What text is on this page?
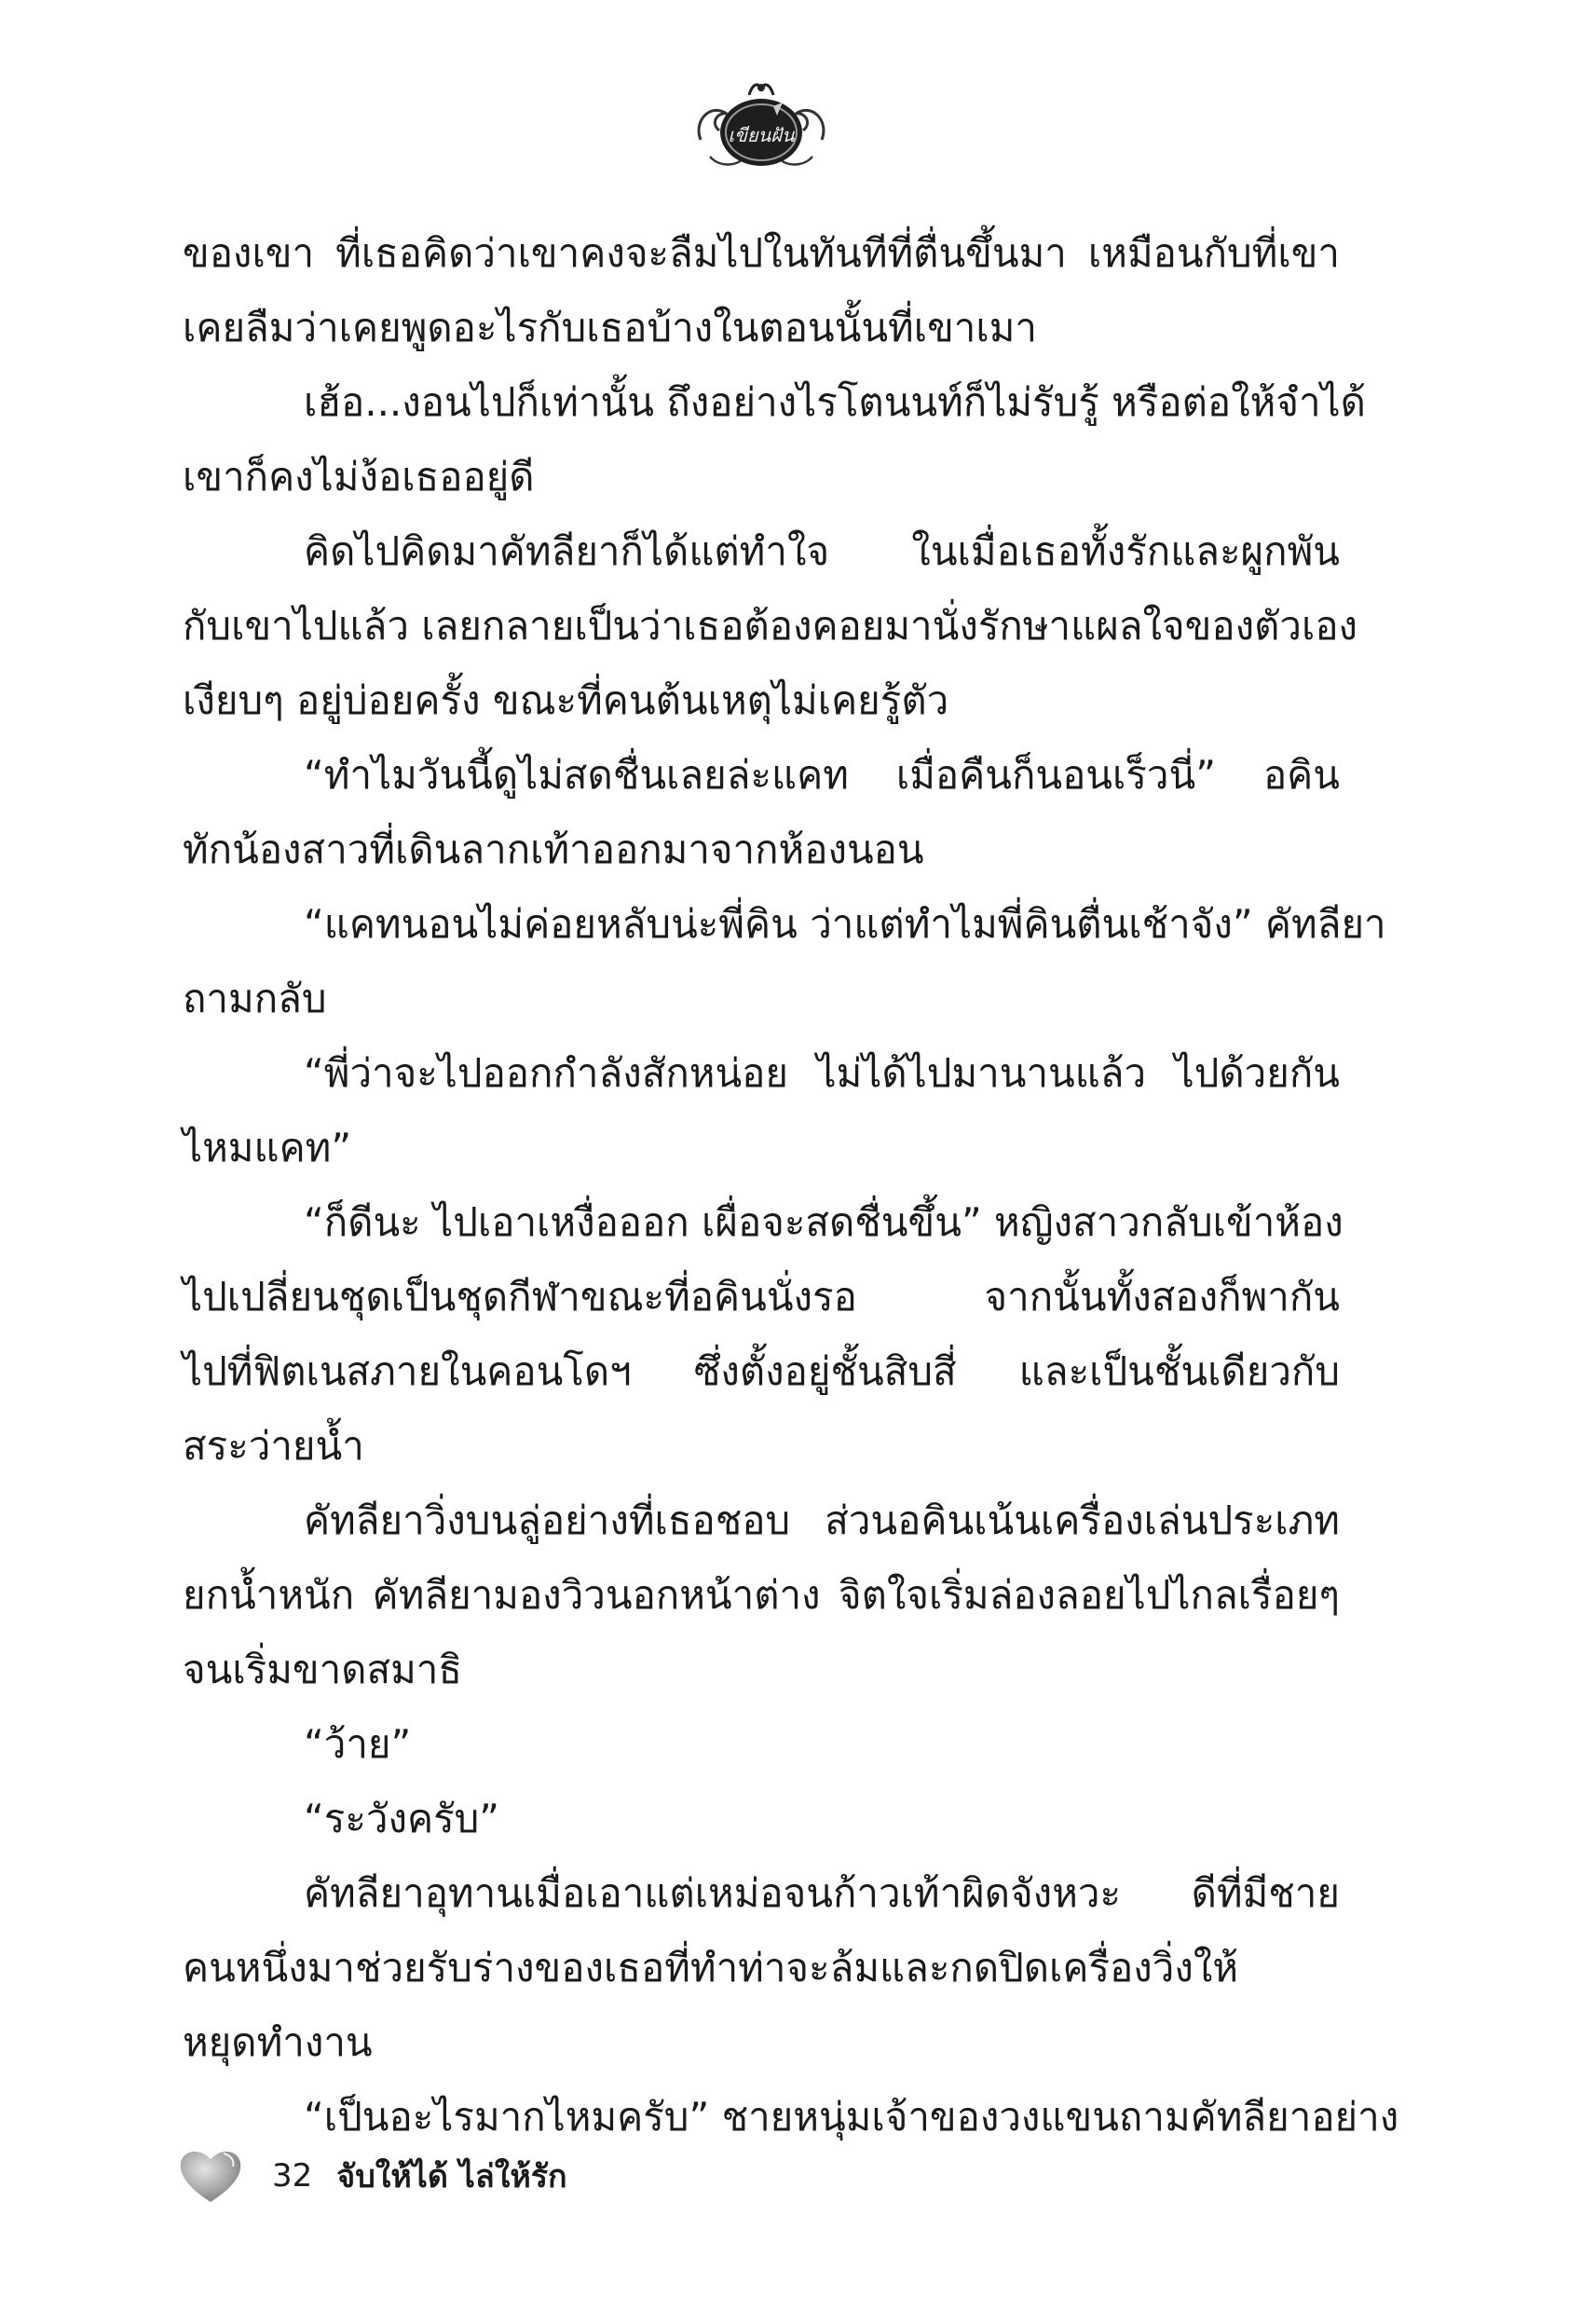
เขียนฝัน
ของเขา ที่เธอคิดว่าเขาคงจะลืมไปในทันทีที่ตื่นขึ้นมา เหมือนกับที่เขา
เคยลืมว่าเคยพูดอะไรกับเธอบ้างในตอนนั้นที่เขาเมา
เฮ้อ...งอนไปก็เท่านั้น ถึงอย่างไรโตนนท์ก็ไม่รับรู้ หรือต่อให้จำได้
เขาก็คงไม่ง้อเธออยู่ดี
คิดไปคิดมาคัทลียาก็ได้แต่ทำใจ ในเมื่อเธอทั้งรักและผูกพัน
กับเขาไปแล้ว เลยกลายเป็นว่าเธอต้องคอยมานั่งรักษาแผลใจของตัวเอง
เงียบๆ อยู่บ่อยครั้ง ขณะที่คนต้นเหตุไม่เคยรู้ตัว
“ทำไมวันนี้ดูไม่สดชื่นเลยล่ะแคท เมื่อคืนก็นอนเร็วนี่” อคิน
ทักน้องสาวที่เดินลากเท้าออกมาจากห้องนอน
“แคทนอนไม่ค่อยหลับน่ะพี่คิน ว่าแต่ทำไมพี่คินตื่นเช้าจัง” คัทลียา
ถามกลับ
“พี่ว่าจะไปออกกำลังสักหน่อย ไม่ได้ไปมานานแล้ว ไปด้วยกัน
ไหมแคท”
“ก็ดีนะ ไปเอาเหงื่อออก เผื่อจะสดชื่นขึ้น” หญิงสาวกลับเข้าห้อง
ไปเปลี่ยนชุดเป็นชุดกีฬาขณะที่อคินนั่งรอ จากนั้นทั้งสองก็พากัน
ไปที่ฟิตเนสภายในคอนโดฯ ซึ่งตั้งอยู่ชั้นสิบสี่ และเป็นชั้นเดียวกับ
สระว่ายน้ำ
คัทลียาวิ่งบนลู่อย่างที่เธอชอบ ส่วนอคินเน้นเครื่องเล่นประเภท
ยกน้ำหนัก คัทลียามองวิวนอกหน้าต่าง จิตใจเริ่มล่องลอยไปไกลเรื่อยๆ
จนเริ่มขาดสมาธิ
“ว้าย”
“ระวังครับ”
คัทลียาอุทานเมื่อเอาแต่เหม่อจนก้าวเท้าผิดจังหวะ ดีที่มีชาย
คนหนึ่งมาช่วยรับร่างของเธอที่ทำท่าจะล้มและกดปิดเครื่องวิ่งให้
หยุดทำงาน
“เป็นอะไรมากไหมครับ” ชายหนุ่มเจ้าของวงแขนถามคัทลียาอย่าง
32 จับให้ได้ ไล่ให้รัก
